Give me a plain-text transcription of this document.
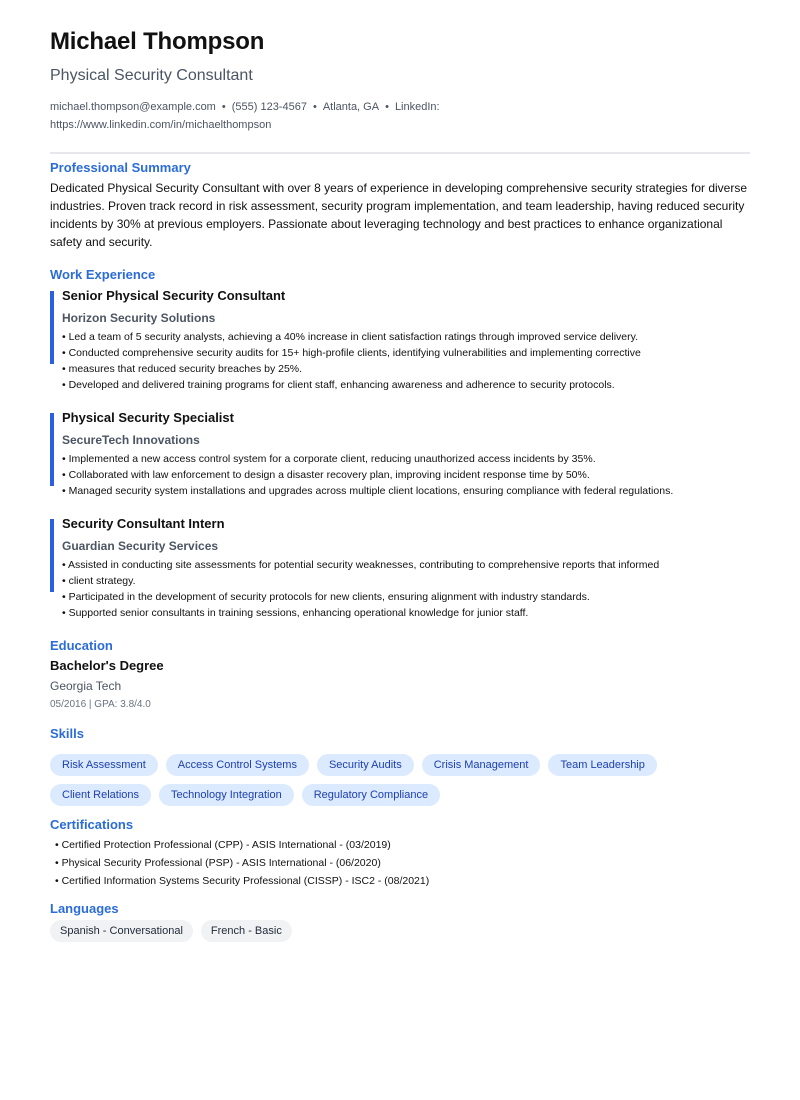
Michael Thompson
Physical Security Consultant
michael.thompson@example.com • (555) 123-4567 • Atlanta, GA • LinkedIn:
https://www.linkedin.com/in/michaelthompson
Professional Summary
Dedicated Physical Security Consultant with over 8 years of experience in developing comprehensive security strategies for diverse industries. Proven track record in risk assessment, security program implementation, and team leadership, having reduced security incidents by 30% at previous employers. Passionate about leveraging technology and best practices to enhance organizational safety and security.
Work Experience
Senior Physical Security Consultant
Horizon Security Solutions
• Led a team of 5 security analysts, achieving a 40% increase in client satisfaction ratings through improved service delivery.
• Conducted comprehensive security audits for 15+ high-profile clients, identifying vulnerabilities and implementing corrective
• measures that reduced security breaches by 25%.
• Developed and delivered training programs for client staff, enhancing awareness and adherence to security protocols.
Physical Security Specialist
SecureTech Innovations
• Implemented a new access control system for a corporate client, reducing unauthorized access incidents by 35%.
• Collaborated with law enforcement to design a disaster recovery plan, improving incident response time by 50%.
• Managed security system installations and upgrades across multiple client locations, ensuring compliance with federal regulations.
Security Consultant Intern
Guardian Security Services
• Assisted in conducting site assessments for potential security weaknesses, contributing to comprehensive reports that informed
• client strategy.
• Participated in the development of security protocols for new clients, ensuring alignment with industry standards.
• Supported senior consultants in training sessions, enhancing operational knowledge for junior staff.
Education
Bachelor's Degree
Georgia Tech
05/2016 | GPA: 3.8/4.0
Skills
Risk Assessment	Access Control Systems	Security Audits	Crisis Management	Team Leadership
Client Relations	Technology Integration	Regulatory Compliance
Certifications
• Certified Protection Professional (CPP) - ASIS International - (03/2019)
• Physical Security Professional (PSP) - ASIS International - (06/2020)
• Certified Information Systems Security Professional (CISSP) - ISC2 - (08/2021)
Languages
Spanish - Conversational	French - Basic
